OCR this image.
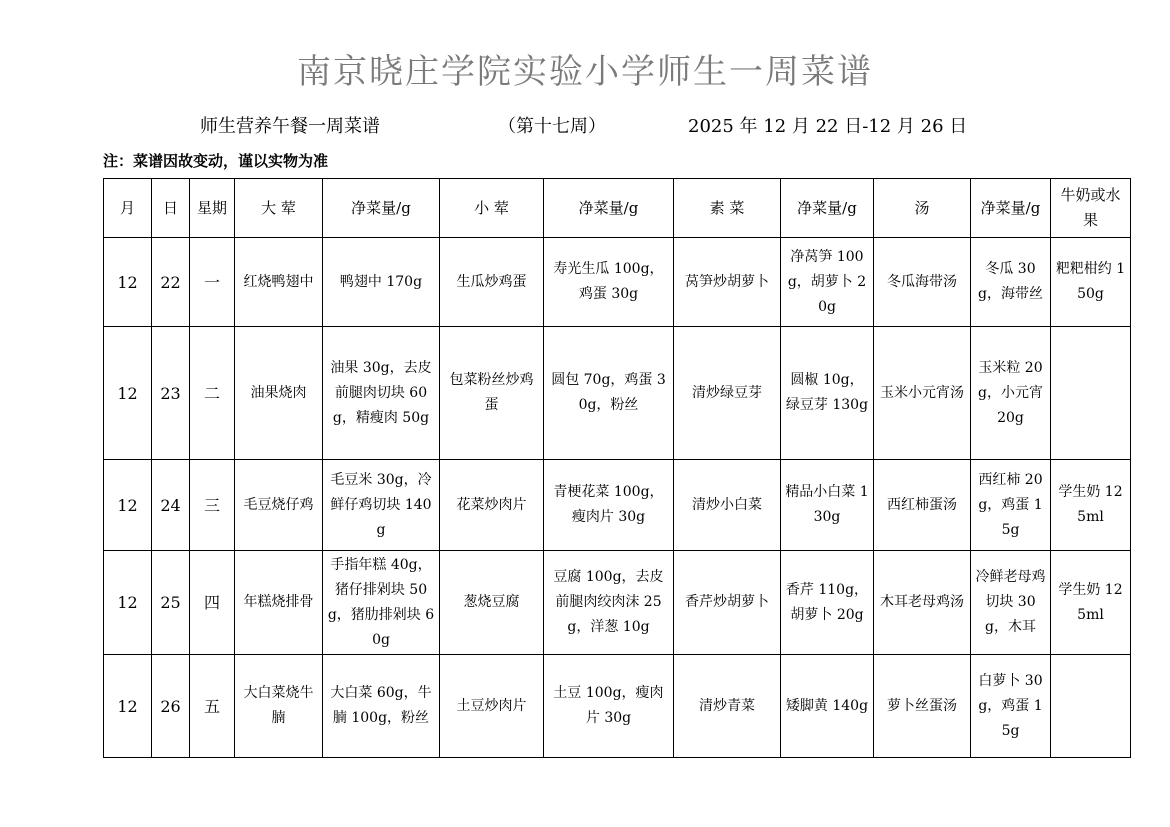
南京晓庄学院实验小学师生一周菜谱
师生营养午餐一周菜谱	（第十七周）	2025 年 12 月 22 日-12 月 26 日
注：菜谱因故变动，谨以实物为准
月	日	星期	大 荤	净菜量/g	小 荤	净菜量/g	素 菜	净菜量/g	汤	净菜量/g	牛奶或水果
12	22	一	红烧鸭翅中	鸭翅中 170g	生瓜炒鸡蛋	寿光生瓜 100g，鸡蛋 30g	莴笋炒胡萝卜	净莴笋 100g，胡萝卜 20g	冬瓜海带汤	冬瓜 30g，海带丝	粑粑柑约 150g
12	23	二	油果烧肉	油果 30g，去皮前腿肉切块 60g，精瘦肉 50g	包菜粉丝炒鸡蛋	圆包 70g，鸡蛋 30g，粉丝	清炒绿豆芽	圆椒 10g，绿豆芽 130g	玉米小元宵汤	玉米粒 20g，小元宵 20g	
12	24	三	毛豆烧仔鸡	毛豆米 30g，冷鲜仔鸡切块 140g	花菜炒肉片	青梗花菜 100g，瘦肉片 30g	清炒小白菜	精品小白菜 130g	西红柿蛋汤	西红柿 20g，鸡蛋 15g	学生奶 125ml
12	25	四	年糕烧排骨	手指年糕 40g，猪仔排剁块 50g，猪肋排剁块 60g	葱烧豆腐	豆腐 100g，去皮前腿肉绞肉沫 25g，洋葱 10g	香芹炒胡萝卜	香芹 110g，胡萝卜 20g	木耳老母鸡汤	冷鲜老母鸡切块 30g，木耳	学生奶 125ml
12	26	五	大白菜烧牛腩	大白菜 60g，牛腩 100g，粉丝	土豆炒肉片	土豆 100g，瘦肉片 30g	清炒青菜	矮脚黄 140g	萝卜丝蛋汤	白萝卜 30g，鸡蛋 15g	
